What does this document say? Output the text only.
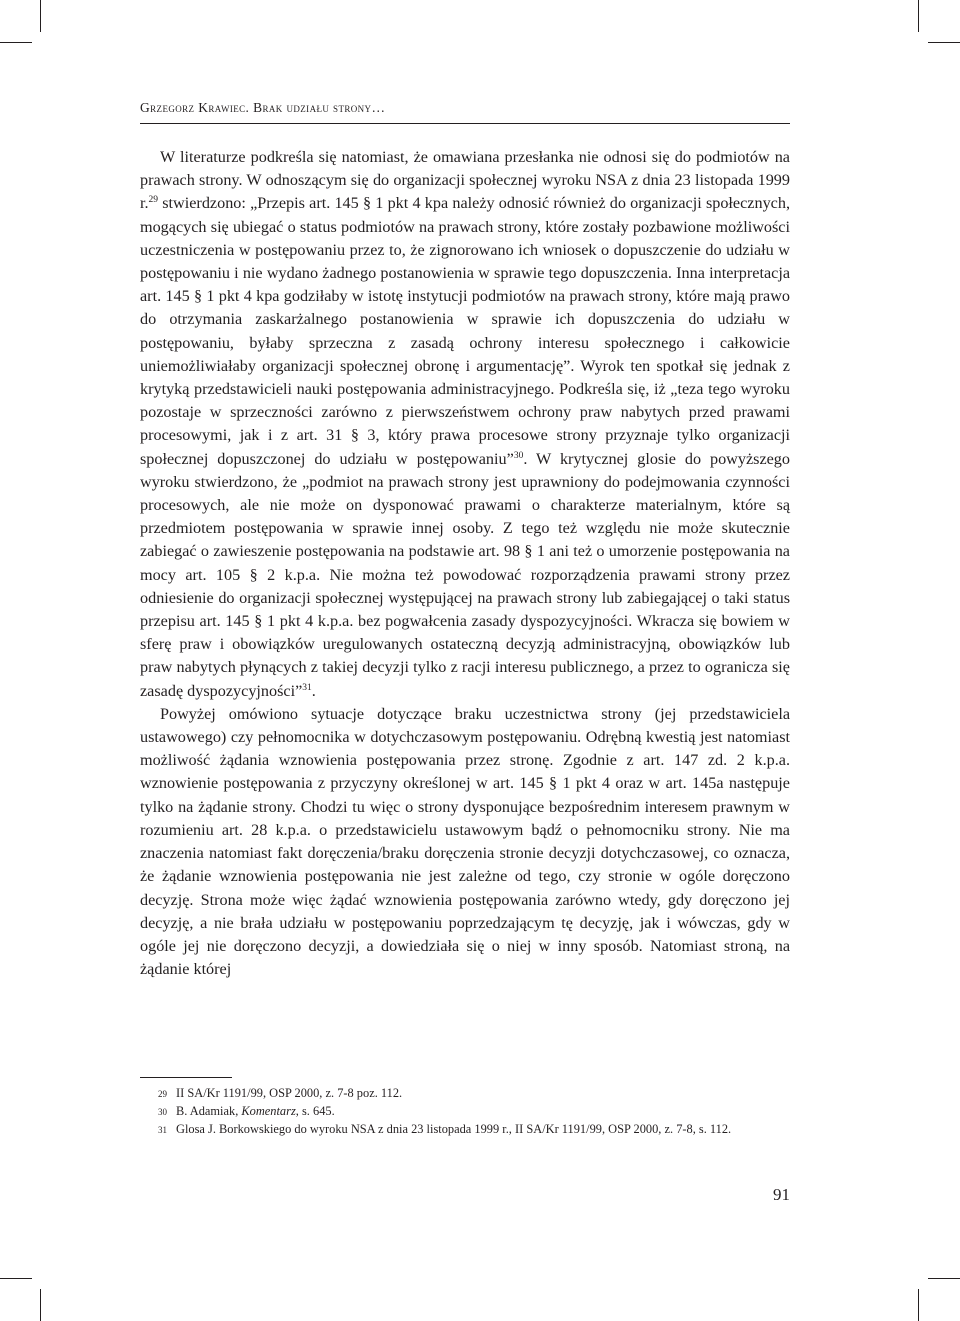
Grzegorz Krawiec. Brak udziału strony…

W literaturze podkreśla się natomiast, że omawiana przesłanka nie odnosi się do podmiotów na prawach strony. W odnoszącym się do organizacji społecznej wyroku NSA z dnia 23 listopada 1999 r.$^{29}$ stwierdzono: „Przepis art. 145 § 1 pkt 4 kpa należy odnosić również do organizacji społecznych, mogących się ubiegać o status podmiotów na prawach strony, które zostały pozbawione możliwości uczestniczenia w postępowaniu przez to, że zignorowano ich wniosek o dopuszczenie do udziału w postępowaniu i nie wydano żadnego postanowienia w sprawie tego dopuszczenia. Inna interpretacja art. 145 § 1 pkt 4 kpa godziłaby w istotę instytucji podmiotów na prawach strony, które mają prawo do otrzymania zaskarżalnego postanowienia w sprawie ich dopuszczenia do udziału w postępowaniu, byłaby sprzeczna z zasadą ochrony interesu społecznego i całkowicie uniemożliwiałaby organizacji społecznej obronę i argumentację”. Wyrok ten spotkał się jednak z krytyką przedstawicieli nauki postępowania administracyjnego. Podkreśla się, iż „teza tego wyroku pozostaje w sprzeczności zarówno z pierwszeństwem ochrony praw nabytych przed prawami procesowymi, jak i z art. 31 § 3, który prawa procesowe strony przyznaje tylko organizacji społecznej dopuszczonej do udziału w postępowaniu”$^{30}$. W krytycznej glosie do powyższego wyroku stwierdzono, że „podmiot na prawach strony jest uprawniony do podejmowania czynności procesowych, ale nie może on dysponować prawami o charakterze materialnym, które są przedmiotem postępowania w sprawie innej osoby. Z tego też względu nie może skutecznie zabiegać o zawieszenie postępowania na podstawie art. 98 § 1 ani też o umorzenie postępowania na mocy art. 105 § 2 k.p.a. Nie można też powodować rozporządzenia prawami strony przez odniesienie do organizacji społecznej występującej na prawach strony lub zabiegającej o taki status przepisu art. 145 § 1 pkt 4 k.p.a. bez pogwałcenia zasady dyspozycyjności. Wkracza się bowiem w sferę praw i obowiązków uregulowanych ostateczną decyzją administracyjną, obowiązków lub praw nabytych płynących z takiej decyzji tylko z racji interesu publicznego, a przez to ogranicza się zasadę dyspozycyjności”$^{31}$.

Powyżej omówiono sytuacje dotyczące braku uczestnictwa strony (jej przedstawiciela ustawowego) czy pełnomocnika w dotychczasowym postępowaniu. Odrębną kwestią jest natomiast możliwość żądania wznowienia postępowania przez stronę. Zgodnie z art. 147 zd. 2 k.p.a. wznowienie postępowania z przyczyny określonej w art. 145 § 1 pkt 4 oraz w art. 145a następuje tylko na żądanie strony. Chodzi tu więc o strony dysponujące bezpośrednim interesem prawnym w rozumieniu art. 28 k.p.a. o przedstawicielu ustawowym bądź o pełnomocniku strony. Nie ma znaczenia natomiast fakt doręczenia/braku doręczenia stronie decyzji dotychczasowej, co oznacza, że żądanie wznowienia postępowania nie jest zależne od tego, czy stronie w ogóle doręczono decyzję. Strona może więc żądać wznowienia postępowania zarówno wtedy, gdy doręczono jej decyzję, a nie brała udziału w postępowaniu poprzedzającym tę decyzję, jak i wówczas, gdy w ogóle jej nie doręczono decyzji, a dowiedziała się o niej w inny sposób. Natomiast stroną, na żądanie której

29 II SA/Kr 1191/99, OSP 2000, z. 7-8 poz. 112.
30 B. Adamiak, Komentarz, s. 645.
31 Glosa J. Borkowskiego do wyroku NSA z dnia 23 listopada 1999 r., II SA/Kr 1191/99, OSP 2000, z. 7-8, s. 112.
91
